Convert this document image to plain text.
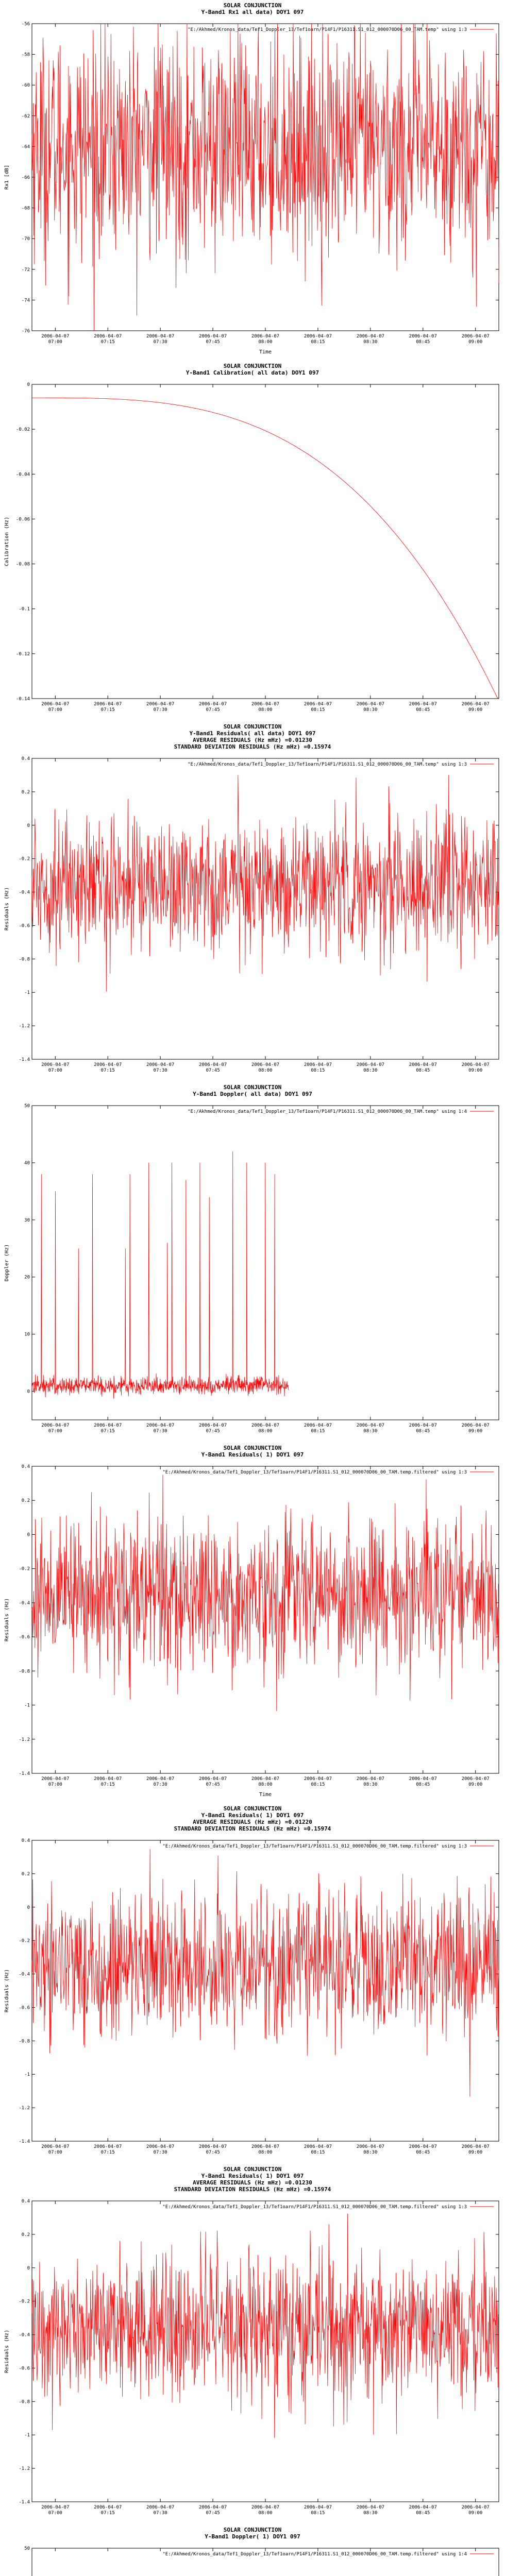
SOLAR CONJUNCTION
Y-Band1 Rx1 all data) DOY1 097
"E:/Akhmed/Kronos_data/Tef1_Doppler_13/Tef1oarn/P14F1/P16311.S1_012_000070D06_00_TAM.temp" using 1:3
-76
-74
-72
-70
-68
-66
-64
-62
-60
-58
-56
2006-04-07
07:00
2006-04-07
07:15
2006-04-07
07:30
2006-04-07
07:45
2006-04-07
08:00
2006-04-07
08:15
2006-04-07
08:30
2006-04-07
08:45
2006-04-07
09:00
Time
Rx1 [dB]
SOLAR CONJUNCTION
Y-Band1 Calibration( all data) DOY1 097
-0.14
-0.12
-0.1
-0.08
-0.06
-0.04
-0.02
0
2006-04-07
07:00
2006-04-07
07:15
2006-04-07
07:30
2006-04-07
07:45
2006-04-07
08:00
2006-04-07
08:15
2006-04-07
08:30
2006-04-07
08:45
2006-04-07
09:00
Calibration (Hz)
SOLAR CONJUNCTION
Y-Band1 Residuals( all data) DOY1 097
AVERAGE RESIDUALS (Hz mHz) =0.01230
STANDARD DEVIATION RESIDUALS (Hz mHz) =0.15974
"E:/Akhmed/Kronos_data/Tef1_Doppler_13/Tef1oarn/P14F1/P16311.S1_012_000070D06_00_TAM.temp" using 1:3
-1.4
-1.2
-1
-0.8
-0.6
-0.4
-0.2
0
0.2
0.4
2006-04-07
07:00
2006-04-07
07:15
2006-04-07
07:30
2006-04-07
07:45
2006-04-07
08:00
2006-04-07
08:15
2006-04-07
08:30
2006-04-07
08:45
2006-04-07
09:00
Residuals (Hz)
SOLAR CONJUNCTION
Y-Band1 Doppler( all data) DOY1 097
"E:/Akhmed/Kronos_data/Tef1_Doppler_13/Tef1oarn/P14F1/P16311.S1_012_000070D06_00_TAM.temp" using 1:4
0
10
20
30
40
50
2006-04-07
07:00
2006-04-07
07:15
2006-04-07
07:30
2006-04-07
07:45
2006-04-07
08:00
2006-04-07
08:15
2006-04-07
08:30
2006-04-07
08:45
2006-04-07
09:00
Doppler (Hz)
SOLAR CONJUNCTION
Y-Band1 Residuals( 1) DOY1 097
"E:/Akhmed/Kronos_data/Tef1_Doppler_13/Tef1oarn/P14F1/P16311.S1_012_000070D06_00_TAM.temp.filtered" using 1:3
-1.4
-1.2
-1
-0.8
-0.6
-0.4
-0.2
0
0.2
0.4
2006-04-07
07:00
2006-04-07
07:15
2006-04-07
07:30
2006-04-07
07:45
2006-04-07
08:00
2006-04-07
08:15
2006-04-07
08:30
2006-04-07
08:45
2006-04-07
09:00
Time
Residuals (Hz)
SOLAR CONJUNCTION
Y-Band1 Residuals( 1) DOY1 097
AVERAGE RESIDUALS (Hz mHz) =0.01220
STANDARD DEVIATION RESIDUALS (Hz mHz) =0.15974
"E:/Akhmed/Kronos_data/Tef1_Doppler_13/Tef1oarn/P14F1/P16311.S1_012_000070D06_00_TAM.temp.filtered" using 1:3
-1.4
-1.2
-1
-0.8
-0.6
-0.4
-0.2
0
0.2
0.4
2006-04-07
07:00
2006-04-07
07:15
2006-04-07
07:30
2006-04-07
07:45
2006-04-07
08:00
2006-04-07
08:15
2006-04-07
08:30
2006-04-07
08:45
2006-04-07
09:00
Residuals (Hz)
SOLAR CONJUNCTION
Y-Band1 Residuals( 1) DOY1 097
AVERAGE RESIDUALS (Hz mHz) =0.01230
STANDARD DEVIATION RESIDUALS (Hz mHz) =0.15974
"E:/Akhmed/Kronos_data/Tef1_Doppler_13/Tef1oarn/P14F1/P16311.S1_012_000070D06_00_TAM.temp.filtered" using 1:3
-1.4
-1.2
-1
-0.8
-0.6
-0.4
-0.2
0
0.2
0.4
2006-04-07
07:00
2006-04-07
07:15
2006-04-07
07:30
2006-04-07
07:45
2006-04-07
08:00
2006-04-07
08:15
2006-04-07
08:30
2006-04-07
08:45
2006-04-07
09:00
Residuals (Hz)
SOLAR CONJUNCTION
Y-Band1 Doppler( 1) DOY1 097
"E:/Akhmed/Kronos_data/Tef1_Doppler_13/Tef1oarn/P14F1/P16311.S1_012_000070D06_00_TAM.temp.filtered" using 1:4
50
